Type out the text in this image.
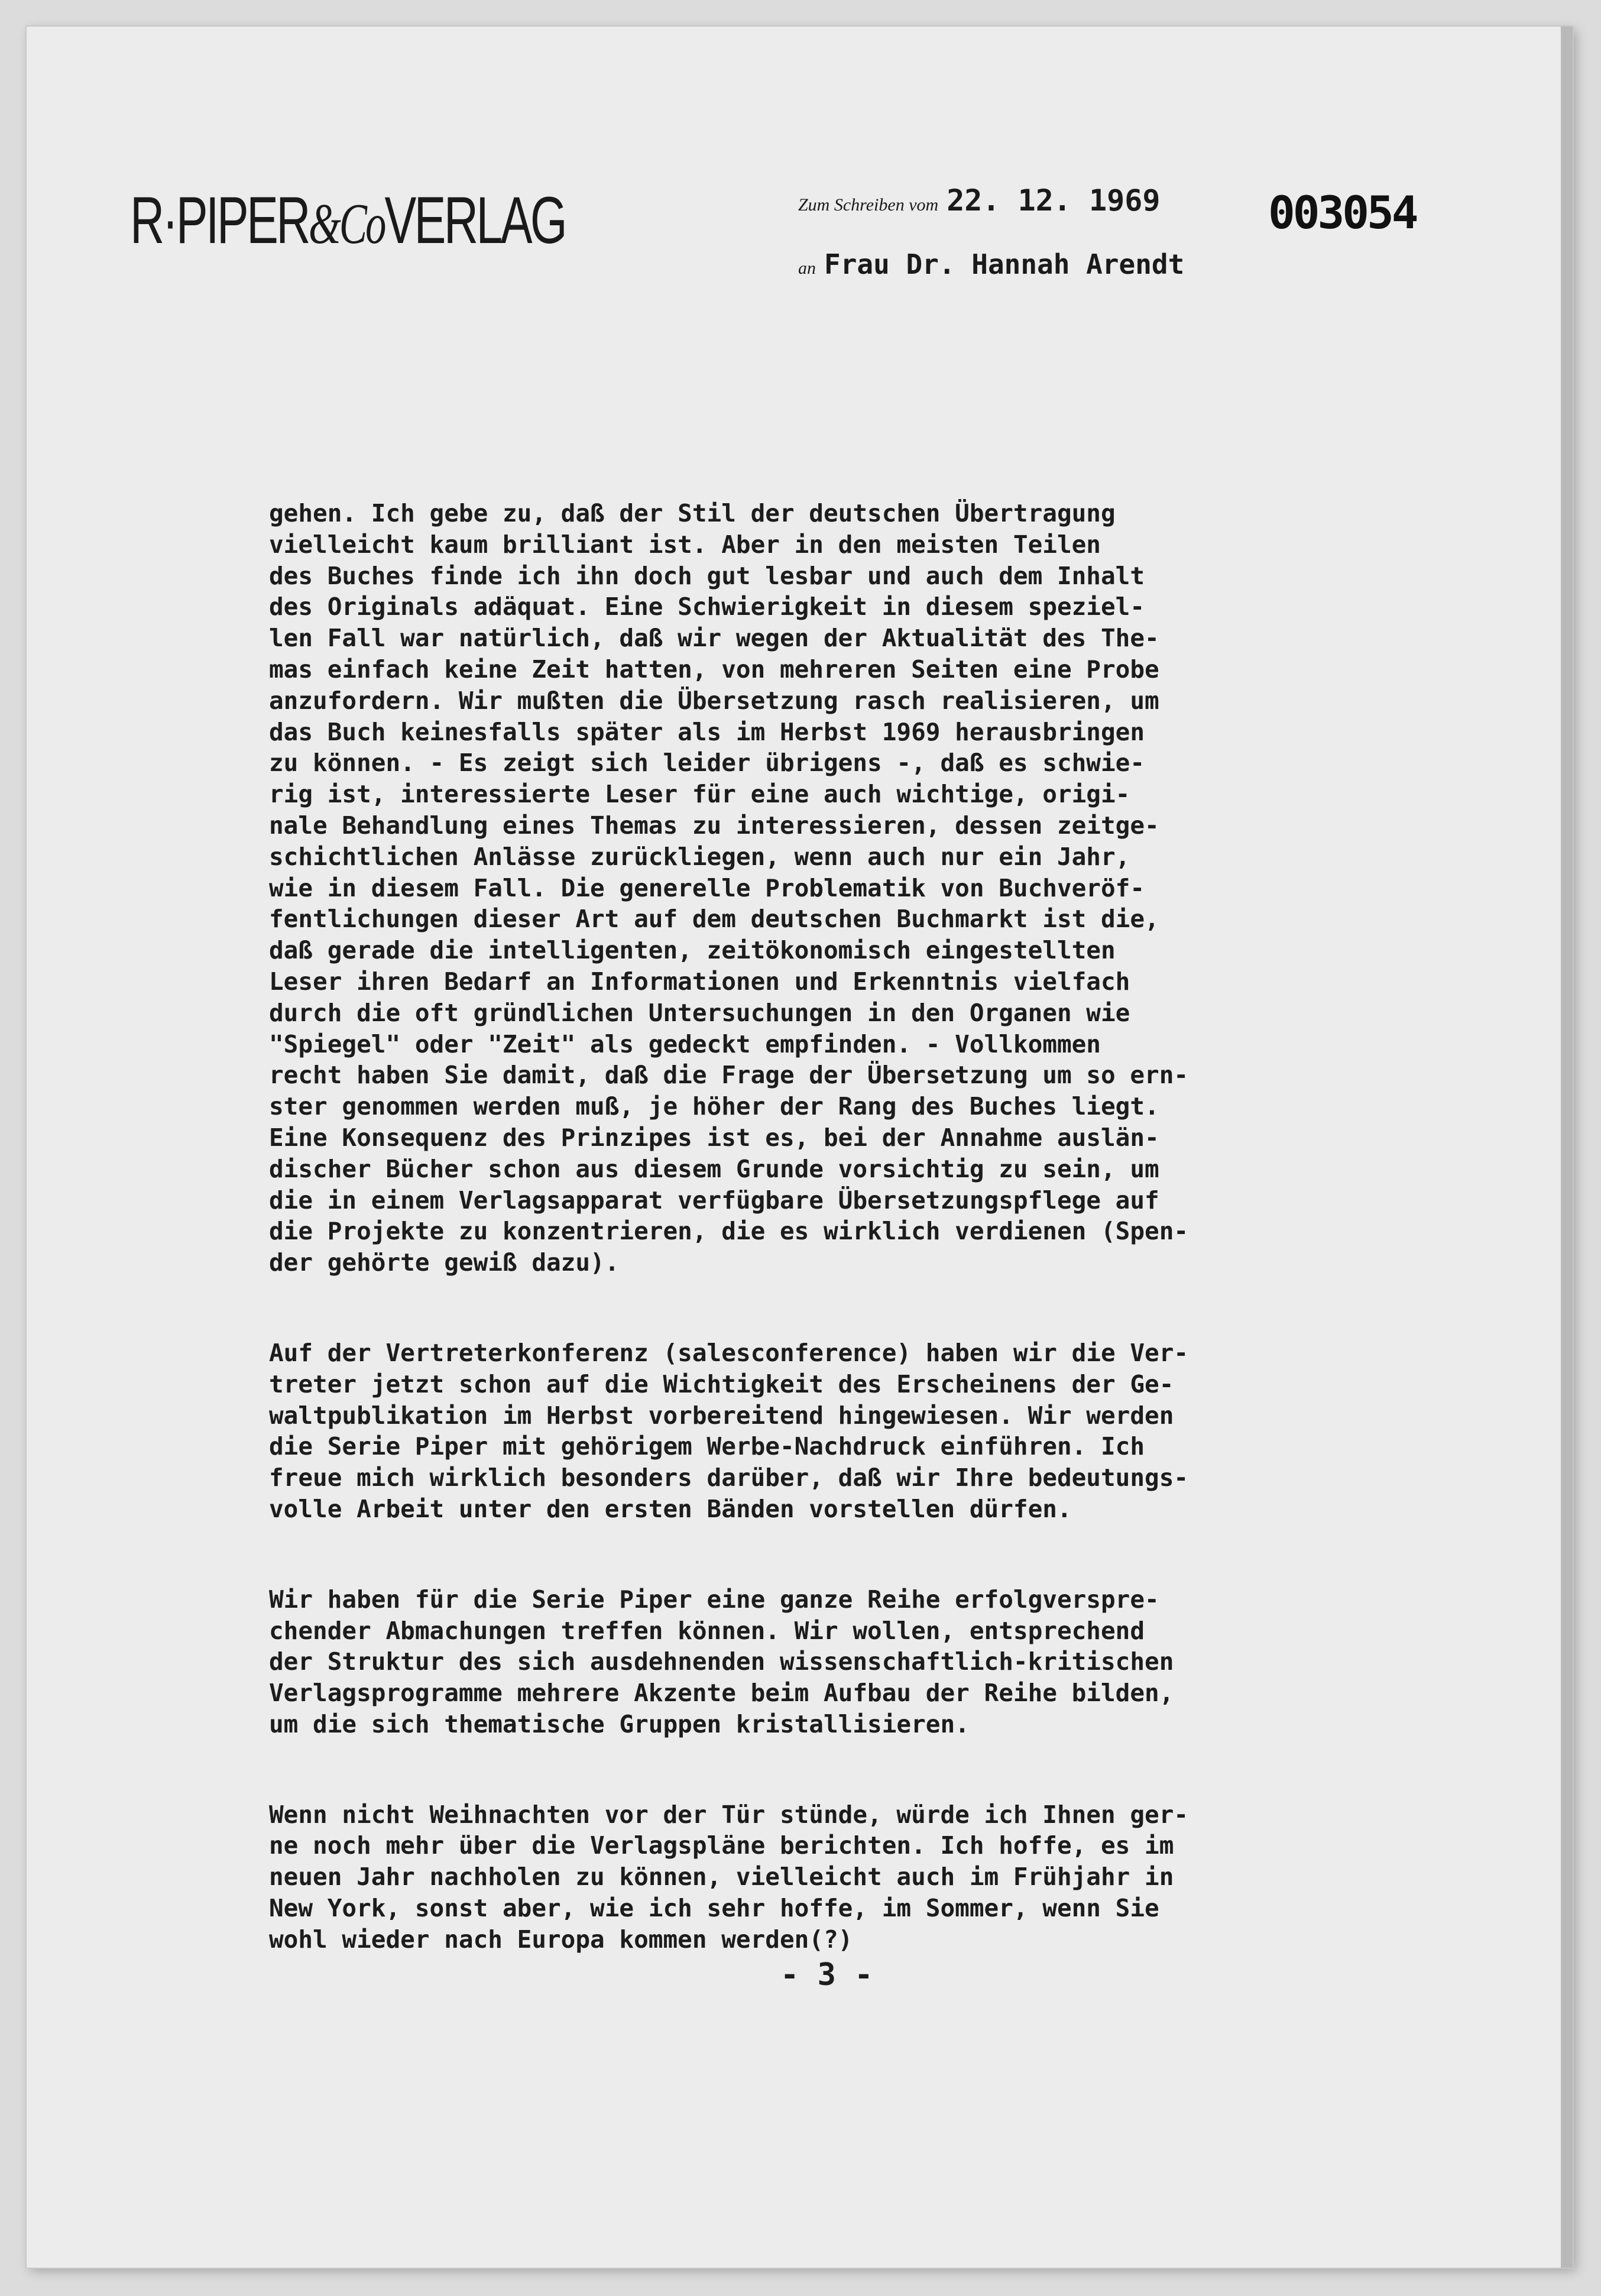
R·PIPER&CoVERLAG	Zum Schreiben vom 22. 12. 1969
an Frau Dr. Hannah Arendt
003054
gehen. Ich gebe zu, daß der Stil der deutschen Übertragung
vielleicht kaum brilliant ist. Aber in den meisten Teilen
des Buches finde ich ihn doch gut lesbar und auch dem Inhalt
des Originals adäquat. Eine Schwierigkeit in diesem speziel-
len Fall war natürlich, daß wir wegen der Aktualität des The-
mas einfach keine Zeit hatten, von mehreren Seiten eine Probe
anzufordern. Wir mußten die Übersetzung rasch realisieren, um
das Buch keinesfalls später als im Herbst 1969 herausbringen
zu können. - Es zeigt sich leider übrigens -, daß es schwie-
rig ist, interessierte Leser für eine auch wichtige, origi-
nale Behandlung eines Themas zu interessieren, dessen zeitge-
schichtlichen Anlässe zurückliegen, wenn auch nur ein Jahr,
wie in diesem Fall. Die generelle Problematik von Buchveröf-
fentlichungen dieser Art auf dem deutschen Buchmarkt ist die,
daß gerade die intelligenten, zeitökonomisch eingestellten
Leser ihren Bedarf an Informationen und Erkenntnis vielfach
durch die oft gründlichen Untersuchungen in den Organen wie
"Spiegel" oder "Zeit" als gedeckt empfinden. - Vollkommen
recht haben Sie damit, daß die Frage der Übersetzung um so ern-
ster genommen werden muß, je höher der Rang des Buches liegt.
Eine Konsequenz des Prinzipes ist es, bei der Annahme auslän-
discher Bücher schon aus diesem Grunde vorsichtig zu sein, um
die in einem Verlagsapparat verfügbare Übersetzungspflege auf
die Projekte zu konzentrieren, die es wirklich verdienen (Spen-
der gehörte gewiß dazu).
Auf der Vertreterkonferenz (salesconference) haben wir die Ver-
treter jetzt schon auf die Wichtigkeit des Erscheinens der Ge-
waltpublikation im Herbst vorbereitend hingewiesen. Wir werden
die Serie Piper mit gehörigem Werbe-Nachdruck einführen. Ich
freue mich wirklich besonders darüber, daß wir Ihre bedeutungs-
volle Arbeit unter den ersten Bänden vorstellen dürfen.
Wir haben für die Serie Piper eine ganze Reihe erfolgverspre-
chender Abmachungen treffen können. Wir wollen, entsprechend
der Struktur des sich ausdehnenden wissenschaftlich-kritischen
Verlagsprogramme mehrere Akzente beim Aufbau der Reihe bilden,
um die sich thematische Gruppen kristallisieren.
Wenn nicht Weihnachten vor der Tür stünde, würde ich Ihnen ger-
ne noch mehr über die Verlagspläne berichten. Ich hoffe, es im
neuen Jahr nachholen zu können, vielleicht auch im Frühjahr in
New York, sonst aber, wie ich sehr hoffe, im Sommer, wenn Sie
wohl wieder nach Europa kommen werden(?)
- 3 -
